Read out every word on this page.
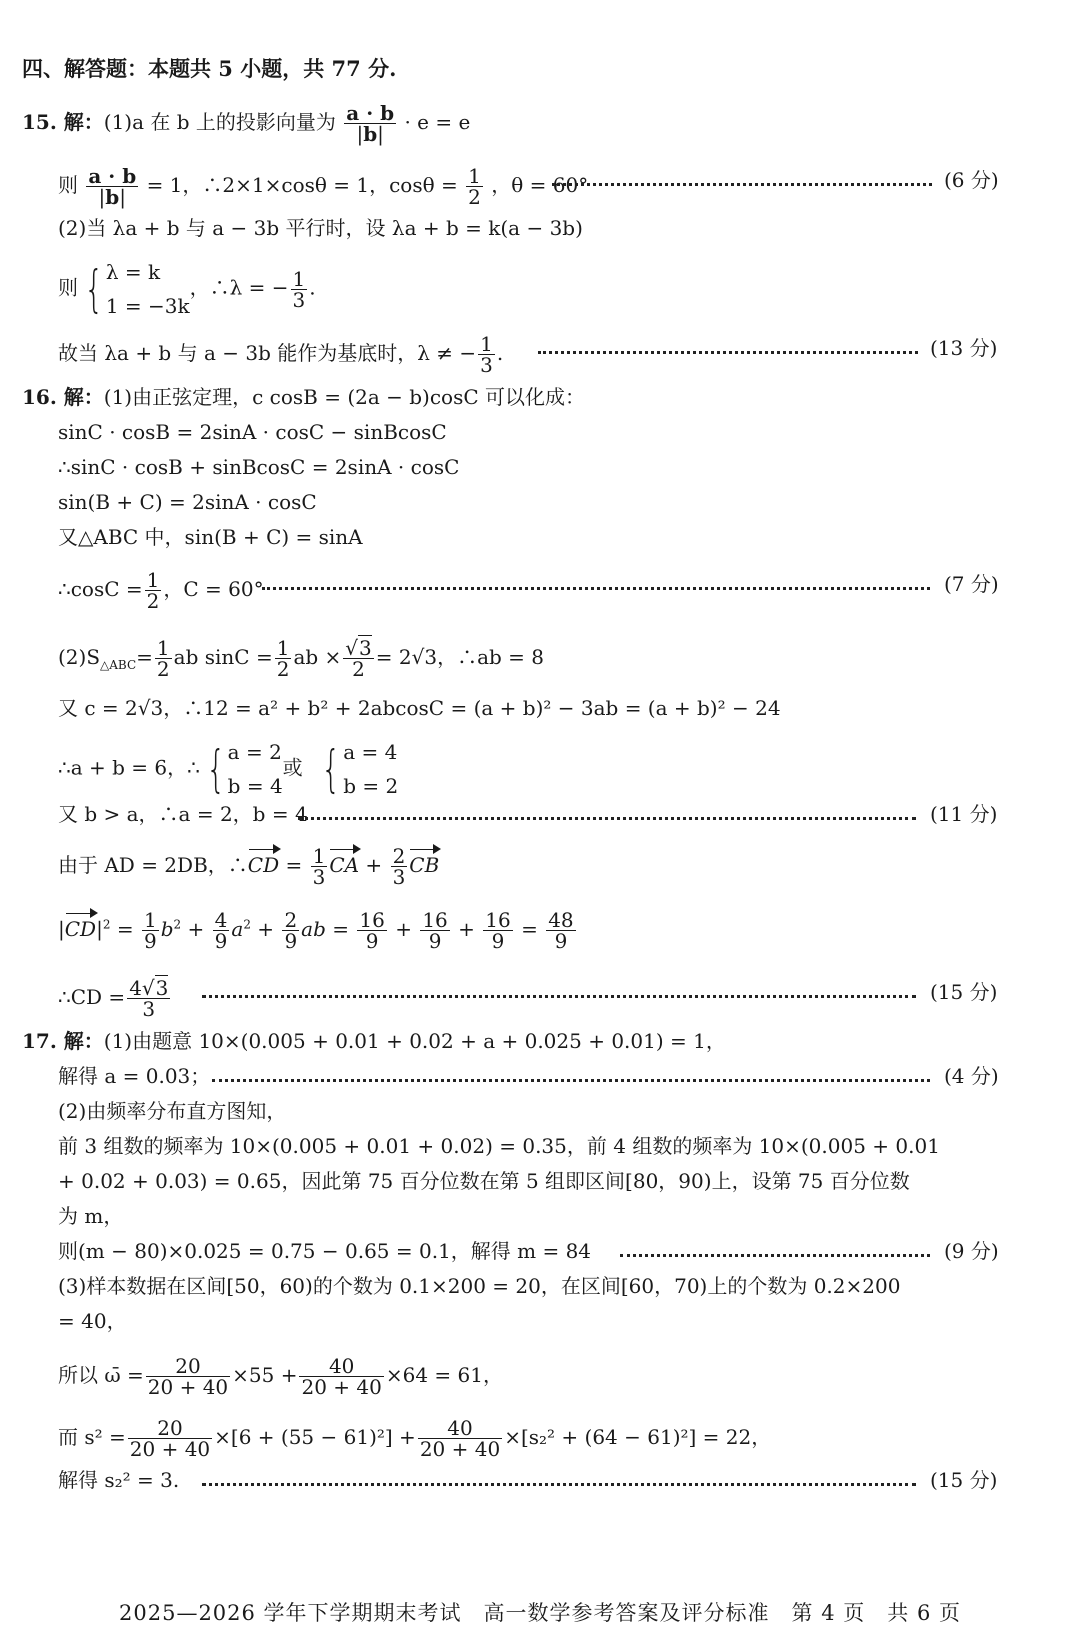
四、解答题：本题共 5 小题，共 77 分.
15. 解：(1)a 在 b 上的投影向量为 $\frac{a \cdot b}{|b|} \cdot e = e$
则 $\frac{a \cdot b}{|b|} = 1$，∴2×1×cosθ = 1，$\cos\theta = \frac{1}{2}$ ，θ = 60°	(6 分)
(2)当 λa + b 与 a − 3b 平行时，设 λa + b = k(a − 3b)
则 { λ = k
1 = −3k
，∴λ = − $\frac{1}{3}$ .
故当 λa + b 与 a − 3b 能作为基底时，λ ≠ − $\frac{1}{3}$ .	(13 分)
16. 解：(1)由正弦定理，c cosB = (2a − b)cosC 可以化成：
sinC · cosB = 2sinA · cosC − sinBcosC
∴sinC · cosB + sinBcosC = 2sinA · cosC
sin(B + C) = 2sinA · cosC
又△ABC 中，sin(B + C) = sinA
∴cosC = $\frac{1}{2}$ ，C = 60°	(7 分)
$(2)S_{\triangle ABC}= \frac{1}{2}$ ab $\sin C = \frac{1}{2}$ ab × $\frac{√3}{2} = 2√3$，∴ab = 8
又 c = 2√3，∴12 = a² + b² + 2abcosC = (a + b)² − 3ab = (a + b)² − 24
∴a + b = 6，∴ { a = 2
b = 4
或 { a = 4
b = 2
又 b > a，∴a = 2，b = 4	(11 分)
由于 AD = 2DB，∴CD = $\frac{1}{3}$ CA + $\frac{2}{3}$ CB
$|CD|^2 = \frac{1}{9} b^2 + \frac{4}{9} a^2 + \frac{2}{9}$ ab = $\frac{16}{9} + \frac{16}{9} + \frac{16}{9} = \frac{48}{9}$
∴CD = $\frac{4√3}{3}$	(15 分)
17. 解：(1)由题意 10×(0.005 + 0.01 + 0.02 + a + 0.025 + 0.01) = 1，
解得 a = 0.03；	(4 分)
(2)由频率分布直方图知，
前 3 组数的频率为 10×(0.005 + 0.01 + 0.02) = 0.35，前 4 组数的频率为 10×(0.005 + 0.01
+ 0.02 + 0.03) = 0.65，因此第 75 百分位数在第 5 组即区间[80，90)上，设第 75 百分位数
为 m，
则(m − 80)×0.025 = 0.75 − 0.65 = 0.1，解得 m = 84	(9 分)
(3)样本数据在区间[50，60)的个数为 0.1×200 = 20，在区间[60，70)上的个数为 0.2×200
= 40，
所以 ω̄ = $\frac{20}{20 + 40} \times 55 + \frac{40}{20 + 40} \times 64 = 61$，
而 $s^2 = \frac{20}{20 + 40} \times[6 + (55 - 61)^2] + \frac{40}{20 + 40} \times[s_2^2 + (64 - 61)^2] = 22$，
解得 s₂² = 3.	(15 分)
2025—2026 学年下学期期末考试　高一数学参考答案及评分标准　第 4 页　共 6 页
